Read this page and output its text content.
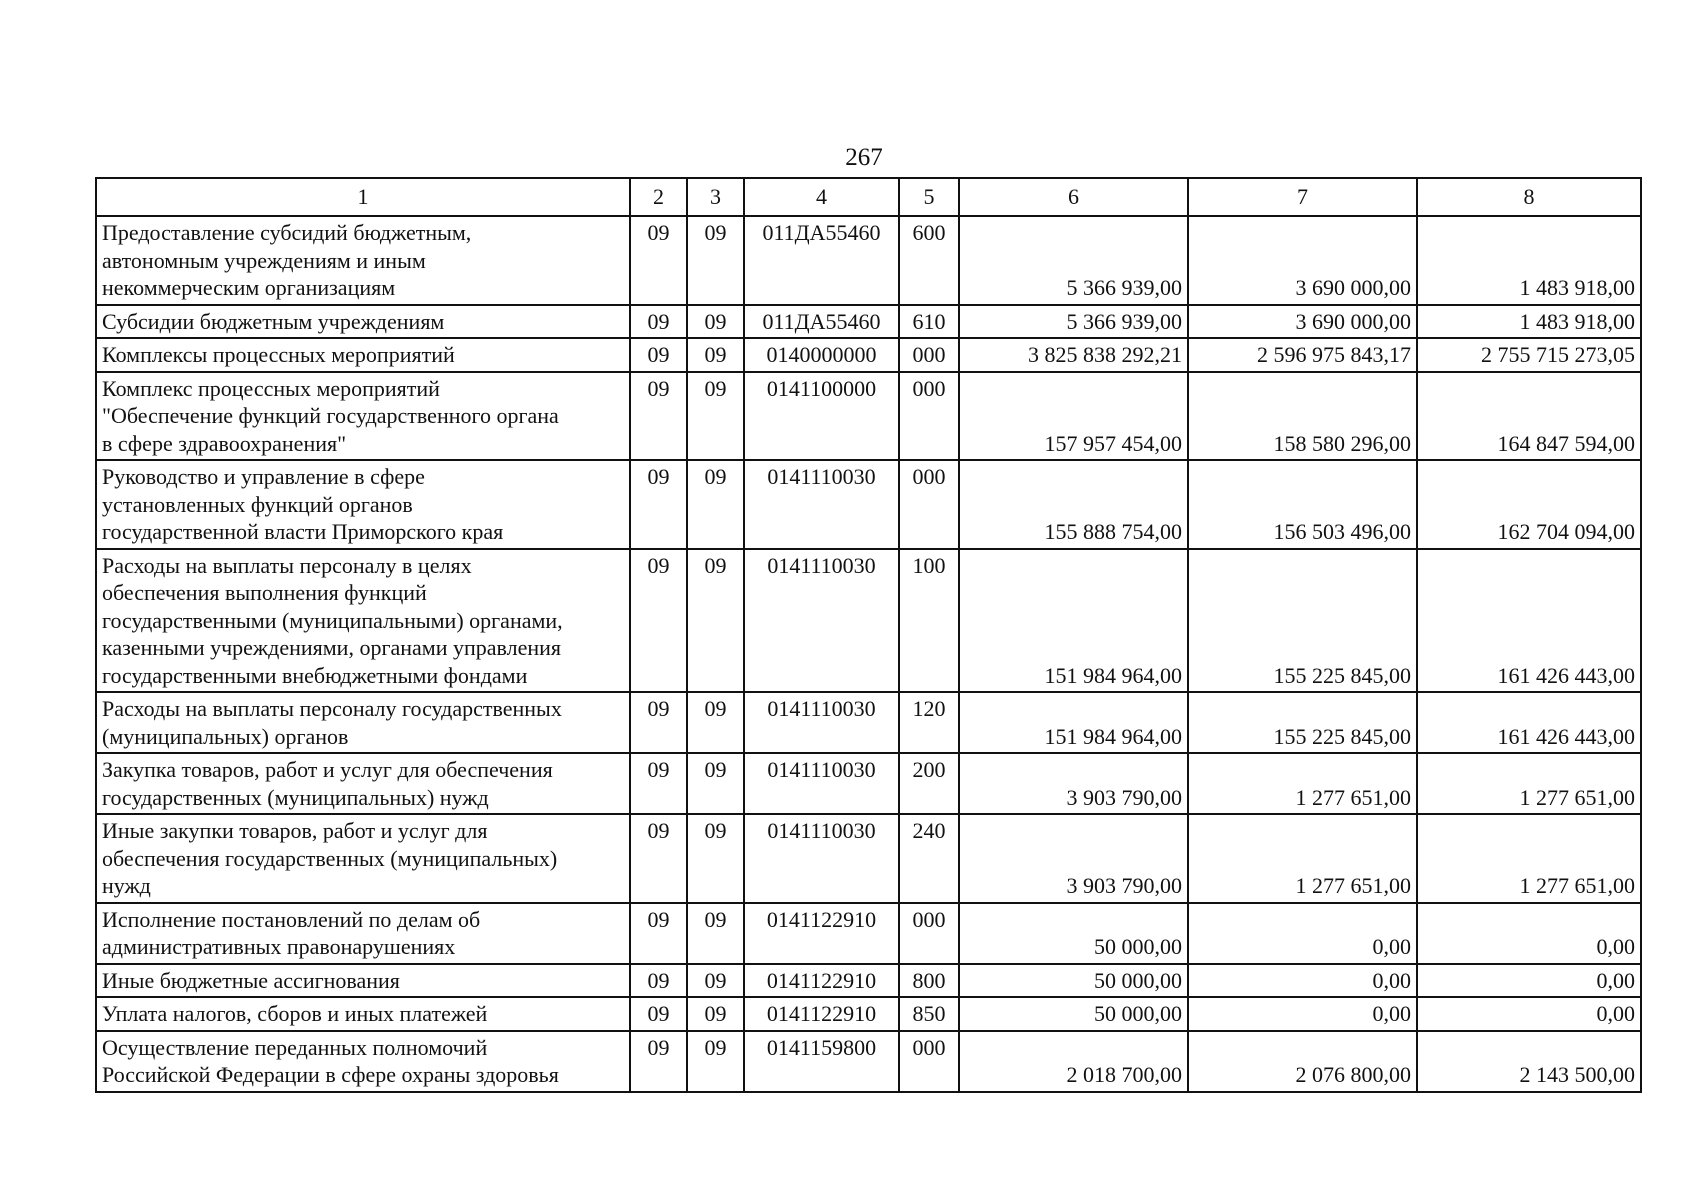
267
1	2	3	4	5	6	7	8

Предоставление субсидий бюджетным,
автономным учреждениям и иным
некоммерческим организациям	09	09	011ДА55460	600	5 366 939,00	3 690 000,00	1 483 918,00

Субсидии бюджетным учреждениям	09	09	011ДА55460	610	5 366 939,00	3 690 000,00	1 483 918,00

Комплексы процессных мероприятий	09	09	0140000000	000	3 825 838 292,21	2 596 975 843,17	2 755 715 273,05

Комплекс процессных мероприятий
"Обеспечение функций государственного органа
в сфере здравоохранения"	09	09	0141100000	000	157 957 454,00	158 580 296,00	164 847 594,00

Руководство и управление в сфере
установленных функций органов
государственной власти Приморского края	09	09	0141110030	000	155 888 754,00	156 503 496,00	162 704 094,00

Расходы на выплаты персоналу в целях
обеспечения выполнения функций
государственными (муниципальными) органами,
казенными учреждениями, органами управления
государственными внебюджетными фондами	09	09	0141110030	100	151 984 964,00	155 225 845,00	161 426 443,00

Расходы на выплаты персоналу государственных
(муниципальных) органов	09	09	0141110030	120	151 984 964,00	155 225 845,00	161 426 443,00

Закупка товаров, работ и услуг для обеспечения
государственных (муниципальных) нужд	09	09	0141110030	200	3 903 790,00	1 277 651,00	1 277 651,00

Иные закупки товаров, работ и услуг для
обеспечения государственных (муниципальных)
нужд	09	09	0141110030	240	3 903 790,00	1 277 651,00	1 277 651,00

Исполнение постановлений по делам об
административных правонарушениях	09	09	0141122910	000	50 000,00	0,00	0,00

Иные бюджетные ассигнования	09	09	0141122910	800	50 000,00	0,00	0,00

Уплата налогов, сборов и иных платежей	09	09	0141122910	850	50 000,00	0,00	0,00

Осуществление переданных полномочий
Российской Федерации в сфере охраны здоровья	09	09	0141159800	000	2 018 700,00	2 076 800,00	2 143 500,00
